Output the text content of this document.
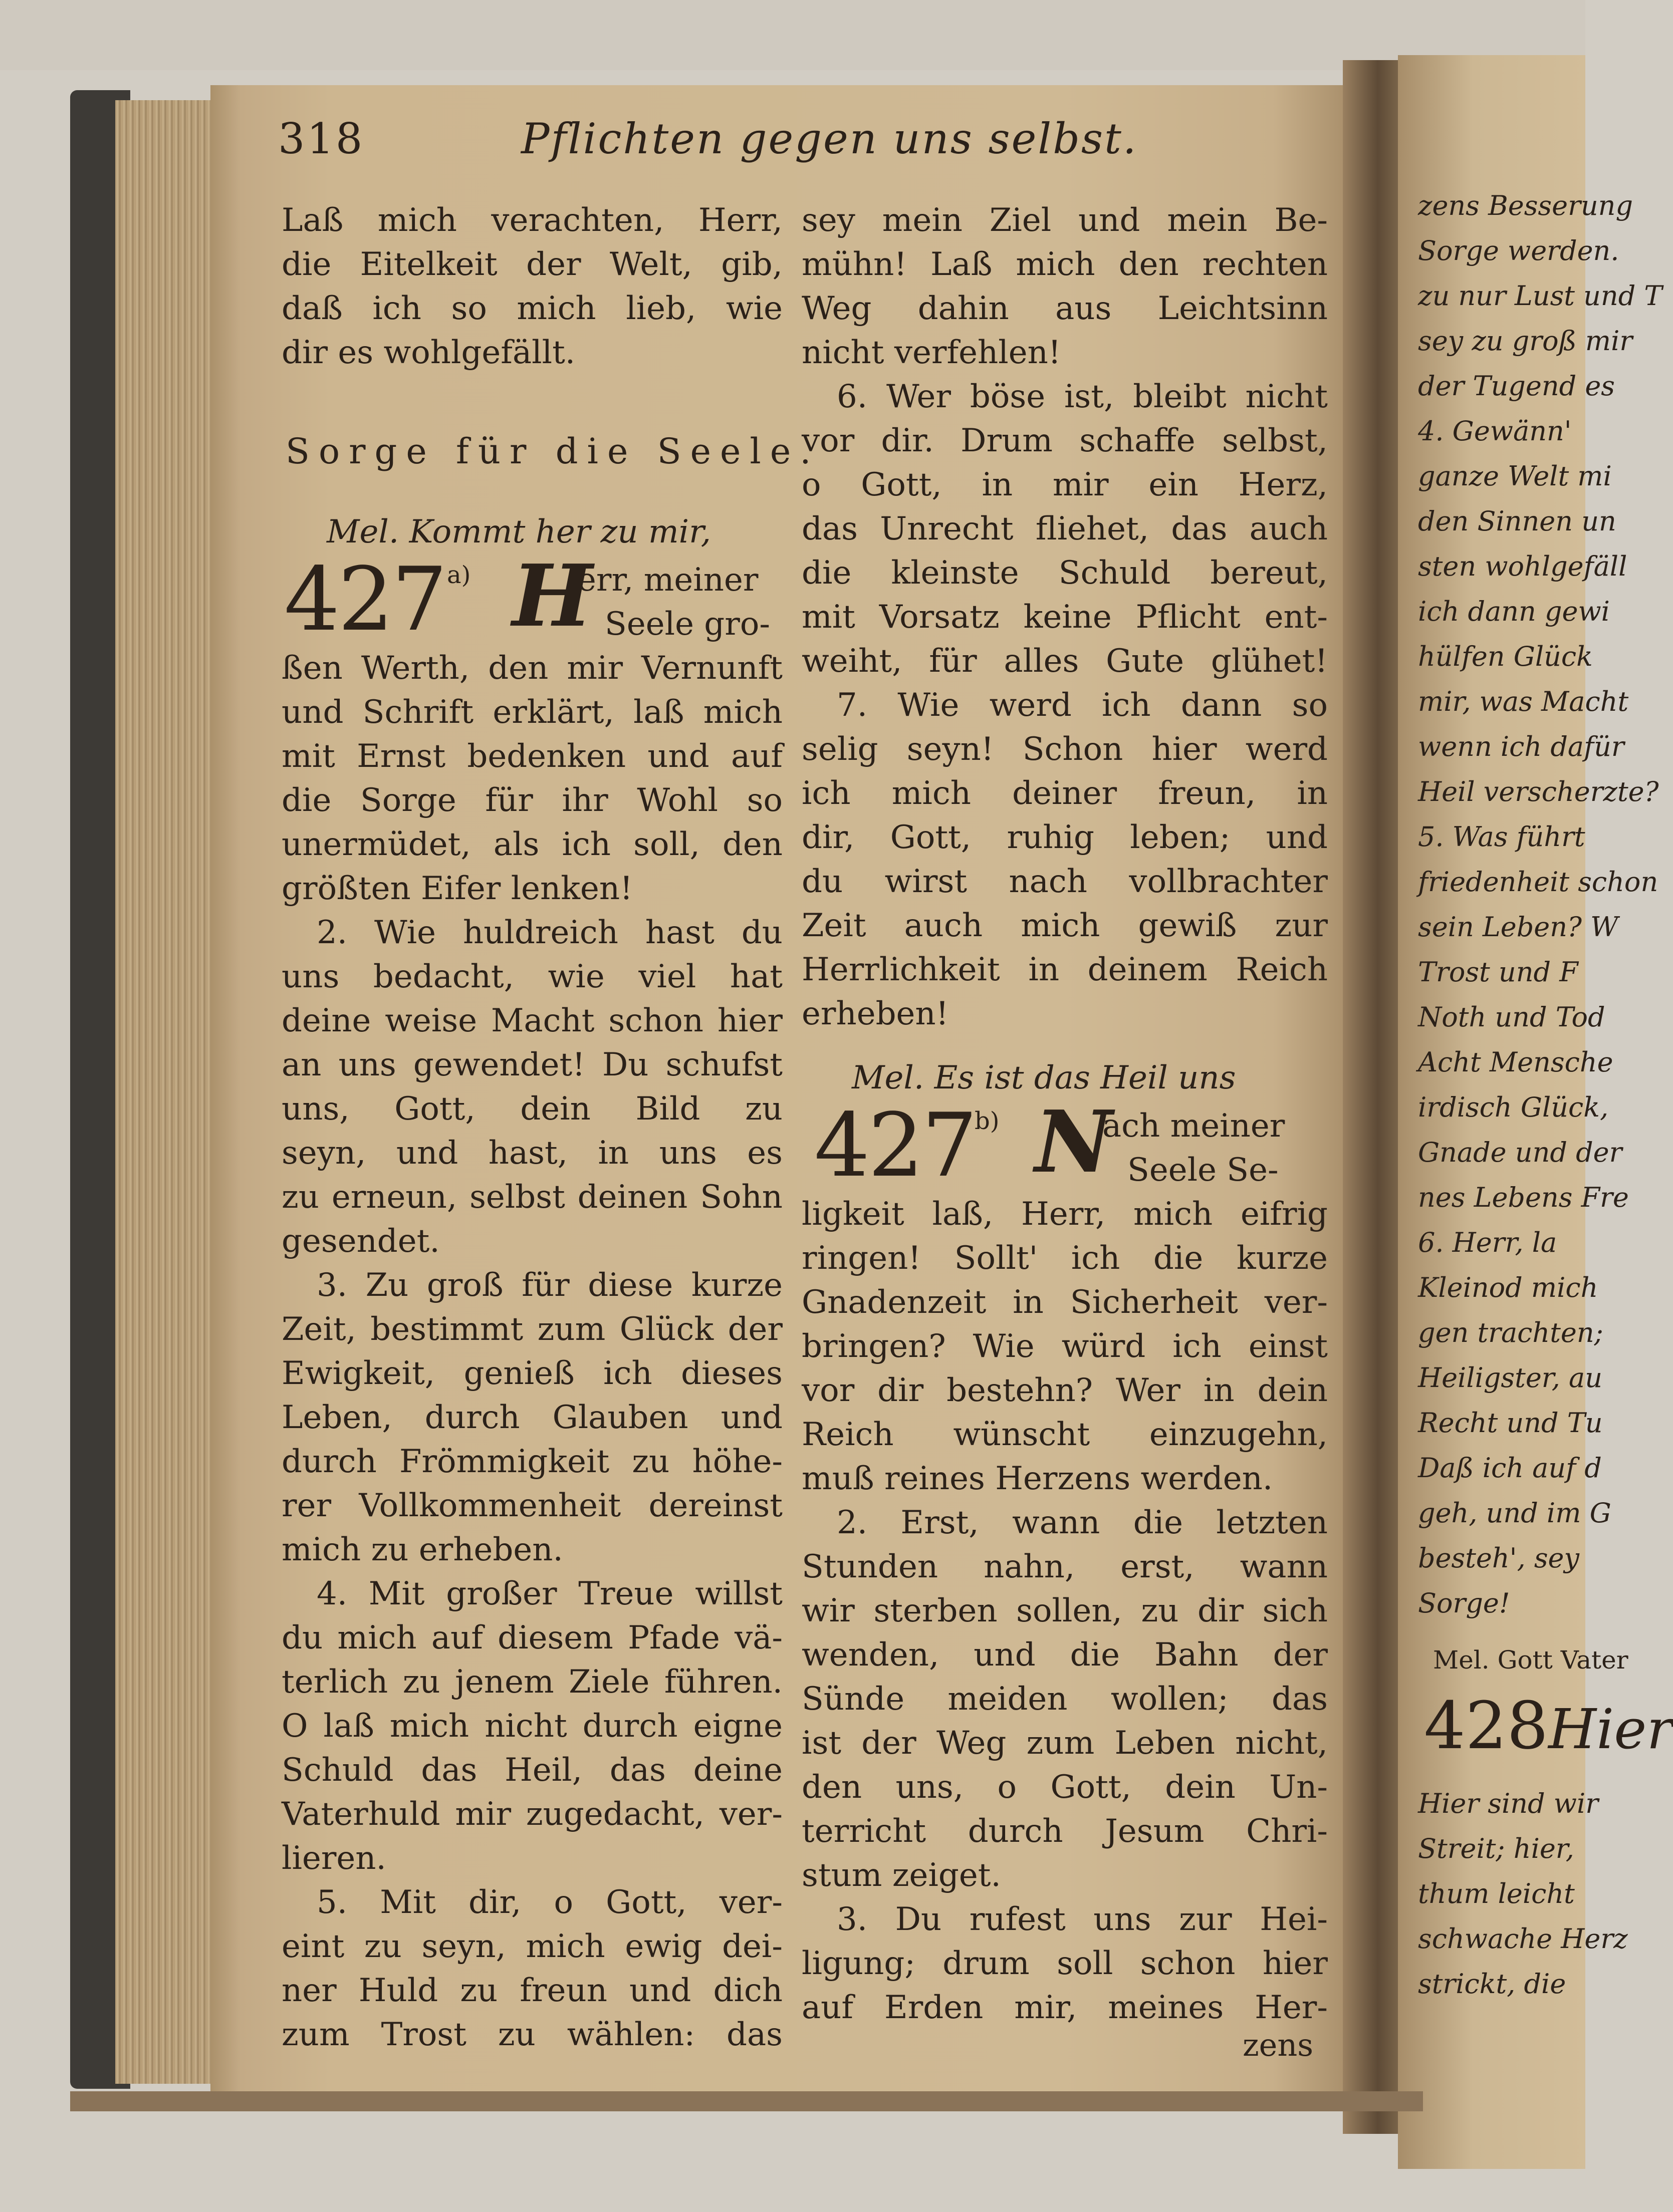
318	Pflichten gegen uns selbst.
Laß mich verachten, Herr,
die Eitelkeit der Welt, gib,
daß ich so mich lieb, wie
dir es wohlgefällt.
Sorge für die Seele.
Mel. Kommt her zu mir,
427 a) H
err, meiner
Seele gro-
ßen Werth, den mir Vernunft
und Schrift erklärt, laß mich
mit Ernst bedenken und auf
die Sorge für ihr Wohl so
unermüdet, als ich soll, den
größten Eifer lenken!
2. Wie huldreich hast du
uns bedacht, wie viel hat
deine weise Macht schon hier
an uns gewendet! Du schufst
uns, Gott, dein Bild zu
seyn, und hast, in uns es
zu erneun, selbst deinen Sohn
gesendet.
3. Zu groß für diese kurze
Zeit, bestimmt zum Glück der
Ewigkeit, genieß ich dieses
Leben, durch Glauben und
durch Frömmigkeit zu höhe-
rer Vollkommenheit dereinst
mich zu erheben.
4. Mit großer Treue willst
du mich auf diesem Pfade vä-
terlich zu jenem Ziele führen.
O laß mich nicht durch eigne
Schuld das Heil, das deine
Vaterhuld mir zugedacht, ver-
lieren.
5. Mit dir, o Gott, ver-
eint zu seyn, mich ewig dei-
ner Huld zu freun und dich
zum Trost zu wählen: das
sey mein Ziel und mein Be-
mühn! Laß mich den rechten
Weg dahin aus Leichtsinn
nicht verfehlen!
6. Wer böse ist, bleibt nicht
vor dir. Drum schaffe selbst,
o Gott, in mir ein Herz,
das Unrecht fliehet, das auch
die kleinste Schuld bereut,
mit Vorsatz keine Pflicht ent-
weiht, für alles Gute glühet!
7. Wie werd ich dann so
selig seyn! Schon hier werd
ich mich deiner freun, in
dir, Gott, ruhig leben; und
du wirst nach vollbrachter
Zeit auch mich gewiß zur
Herrlichkeit in deinem Reich
erheben!
Mel. Es ist das Heil uns
427
b) N
ach meiner
Seele Se-
ligkeit laß, Herr, mich eifrig
ringen! Sollt' ich die kurze
Gnadenzeit in Sicherheit ver-
bringen? Wie würd ich einst
vor dir bestehn? Wer in dein
Reich wünscht einzugehn,
muß reines Herzens werden.
2. Erst, wann die letzten
Stunden nahn, erst, wann
wir sterben sollen, zu dir sich
wenden, und die Bahn der
Sünde meiden wollen; das
ist der Weg zum Leben nicht,
den uns, o Gott, dein Un-
terricht durch Jesum Chri-
stum zeiget.
3. Du rufest uns zur Hei-
ligung; drum soll schon hier
auf Erden mir, meines Her-
zens
zens Besserung
Sorge werden.
zu nur Lust und T
sey zu groß mir
der Tugend es
4. Gewänn'
ganze Welt mi
den Sinnen un
sten wohlgefäll
ich dann gewi
hülfen Glück
mir, was Macht
wenn ich dafür
Heil verscherzte?
5. Was führt
friedenheit schon
sein Leben? W
Trost und F
Noth und Tod
Acht Mensche
irdisch Glück,
Gnade und der
nes Lebens Fre
6. Herr, la
Kleinod mich
gen trachten;
Heiligster, au
Recht und Tu
Daß ich auf d
geh, und im G
besteh', sey
Sorge!
Mel. Gott Vater
428Hier
Hier sind wir
Streit; hier,
thum leicht
schwache Herz
strickt, die
